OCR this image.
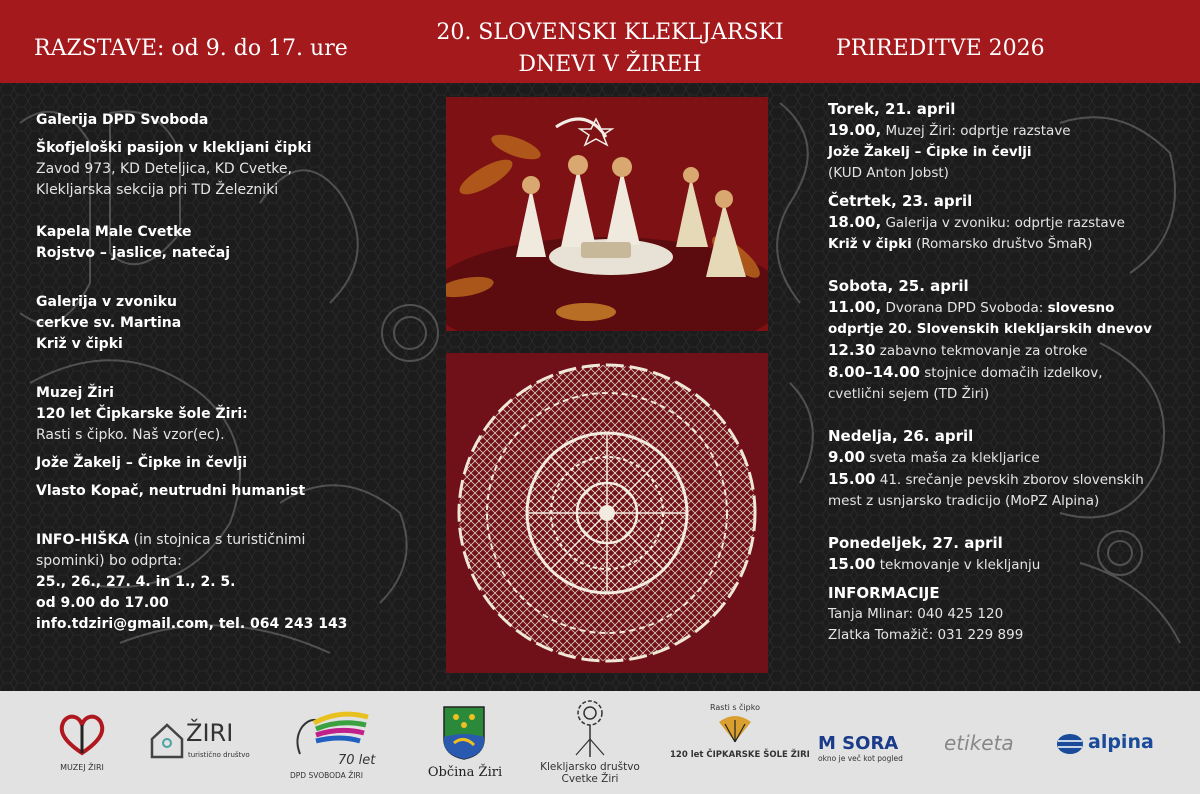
RAZSTAVE: od 9. do 17. ure
20. SLOVENSKI KLEKLJARSKI
DNEVI V ŽIREH
PRIREDITVE 2026

Galerija DPD Svoboda

Škofjeloški pasijon v kleklјani čipki

Zavod 973, KD Deteljica, KD Cvetke,

Klekljarska sekcija pri TD Železniki

Kapela Male Cvetke

Rojstvo – jaslice, natečaj

Galerija v zvoniku

cerkve sv. Martina

Križ v čipki

Muzej Žiri

120 let Čipkarske šole Žiri:

Rasti s čipko. Naš vzor(ec).

Jože Žakelj – Čipke in čevlji

Vlasto Kopač, neutrudni humanist

INFO-HIŠKA (in stojnica s turističnimi

spominki) bo odprta:

25., 26., 27. 4. in 1., 2. 5.

od 9.00 do 17.00

info.tdziri@gmail.com, tel. 064 243 143

Torek, 21. april

19.00, Muzej Žiri: odprtje razstave

Jože Žakelj – Čipke in čevlji

(KUD Anton Jobst)

Četrtek, 23. april

18.00, Galerija v zvoniku: odprtje razstave

Križ v čipki (Romarsko društvo ŠmaR)

Sobota, 25. april

11.00, Dvorana DPD Svoboda: slovesno

odprtje 20. Slovenskih klekljarskih dnevov

12.30 zabavno tekmovanje za otroke

8.00–14.00 stojnice domačih izdelkov,

cvetlični sejem (TD Žiri)

Nedelja, 26. april

9.00 sveta maša za klekljarice

15.00 41. srečanje pevskih zborov slovenskih

mest z usnjarsko tradicijo (MoPZ Alpina)

Ponedeljek, 27. april

15.00 tekmovanje v klekljanju

INFORMACIJE

Tanja Mlinar: 040 425 120

Zlatka Tomažič: 031 229 899

MUZEJ ŽIRI
ŽIRI
turistično društvo	70 let
DPD SVOBODA ŽIRI	Občina Žiri	Klekljarsko društvo
Cvetke Žiri
Rasti s čipko
120 let ČIPKARSKE ŠOLE ŽIRI
M SORA
okno je več kot pogled
etiketa	alpina
